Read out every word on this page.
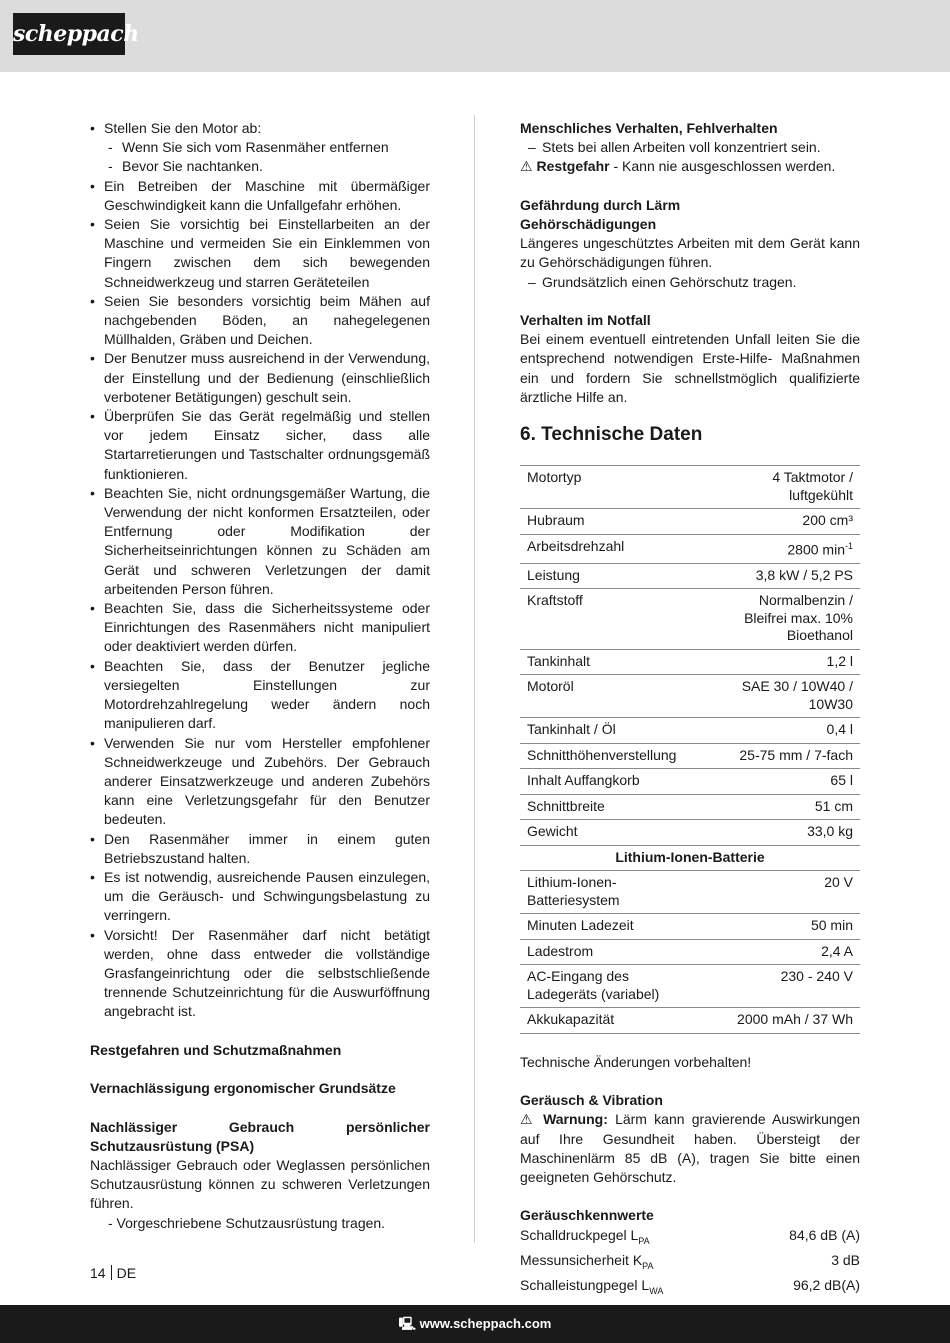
scheppach
• Stellen Sie den Motor ab:
- Wenn Sie sich vom Rasenmäher entfernen
- Bevor Sie nachtanken.
• Ein Betreiben der Maschine mit übermäßiger Geschwindigkeit kann die Unfallgefahr erhöhen.
• Seien Sie vorsichtig bei Einstellarbeiten an der Maschine und vermeiden Sie ein Einklemmen von Fingern zwischen dem sich bewegenden Schneidwerkzeug und starren Geräteteilen
• Seien Sie besonders vorsichtig beim Mähen auf nachgebenden Böden, an nahegelegenen Müllhalden, Gräben und Deichen.
• Der Benutzer muss ausreichend in der Verwendung, der Einstellung und der Bedienung (einschließlich verbotener Betätigungen) geschult sein.
• Überprüfen Sie das Gerät regelmäßig und stellen vor jedem Einsatz sicher, dass alle Startarretierungen und Tastschalter ordnungsgemäß funktionieren.
• Beachten Sie, nicht ordnungsgemäßer Wartung, die Verwendung der nicht konformen Ersatzteilen, oder Entfernung oder Modifikation der Sicherheitseinrichtungen können zu Schäden am Gerät und schweren Verletzungen der damit arbeitenden Person führen.
• Beachten Sie, dass die Sicherheitssysteme oder Einrichtungen des Rasenmähers nicht manipuliert oder deaktiviert werden dürfen.
• Beachten Sie, dass der Benutzer jegliche versiegelten Einstellungen zur Motordrehzahlregelung weder ändern noch manipulieren darf.
• Verwenden Sie nur vom Hersteller empfohlener Schneidwerkzeuge und Zubehörs. Der Gebrauch anderer Einsatzwerkzeuge und anderen Zubehörs kann eine Verletzungsgefahr für den Benutzer bedeuten.
• Den Rasenmäher immer in einem guten Betriebszustand halten.
• Es ist notwendig, ausreichende Pausen einzulegen, um die Geräusch- und Schwingungsbelastung zu verringern.
• Vorsicht! Der Rasenmäher darf nicht betätigt werden, ohne dass entweder die vollständige Grasfangeinrichtung oder die selbstschließende trennende Schutzeinrichtung für die Auswurföffnung angebracht ist.

Restgefahren und Schutzmaßnahmen

Vernachlässigung ergonomischer Grundsätze

Nachlässiger Gebrauch persönlicher Schutzausrüstung (PSA)

Nachlässiger Gebrauch oder Weglassen persönlichen Schutzausrüstung können zu schweren Verletzungen führen.

- Vorgeschriebene Schutzausrüstung tragen.

Menschliches Verhalten, Fehlverhalten

– Stets bei allen Arbeiten voll konzentriert sein.

⚠ Restgefahr - Kann nie ausgeschlossen werden.

Gefährdung durch Lärm

Gehörschädigungen

Längeres ungeschütztes Arbeiten mit dem Gerät kann zu Gehörschädigungen führen.

– Grundsätzlich einen Gehörschutz tragen.

Verhalten im Notfall

Bei einem eventuell eintretenden Unfall leiten Sie die entsprechend notwendigen Erste-Hilfe- Maßnahmen ein und fordern Sie schnellstmöglich qualifizierte ärztliche Hilfe an.

6. Technische Daten
Motortyp	4 Taktmotor / luftgekühlt
Hubraum	200 cm³
Arbeitsdrehzahl	2800 $\min^{-1}$
Leistung	3,8 kW / 5,2 PS
Kraftstoff	Normalbenzin / Bleifrei max. 10% Bioethanol
Tankinhalt	1,2 l
Motoröl	SAE 30 / 10W40 / 10W30
Tankinhalt / Öl	0,4 l
Schnitthöhenverstellung	25-75 mm / 7-fach
Inhalt Auffangkorb	65 l
Schnittbreite	51 cm
Gewicht	33,0 kg
Lithium-Ionen-Batterie	
Lithium-Ionen-Batteriesystem	20 V
Minuten Ladezeit	50 min
Ladestrom	2,4 A
AC-Eingang des Ladegeräts (variabel)	230 - 240 V
Akkukapazität	2000 mAh / 37 Wh

Technische Änderungen vorbehalten!

Geräusch & Vibration

⚠ Warnung: Lärm kann gravierende Auswirkungen auf Ihre Gesundheit haben. Übersteigt der Maschinenlärm 85 dB (A), tragen Sie bitte einen geeigneten Gehörschutz.

Geräuschkennwerte

Schalldruckpegel $L_{PA}$	84,6 dB (A)
Messunsicherheit $K_{PA}$	3 dB
Schalleistungpegel $L_{WA}$	96,2 dB(A)
14 DE
🖳 www.scheppach.com
